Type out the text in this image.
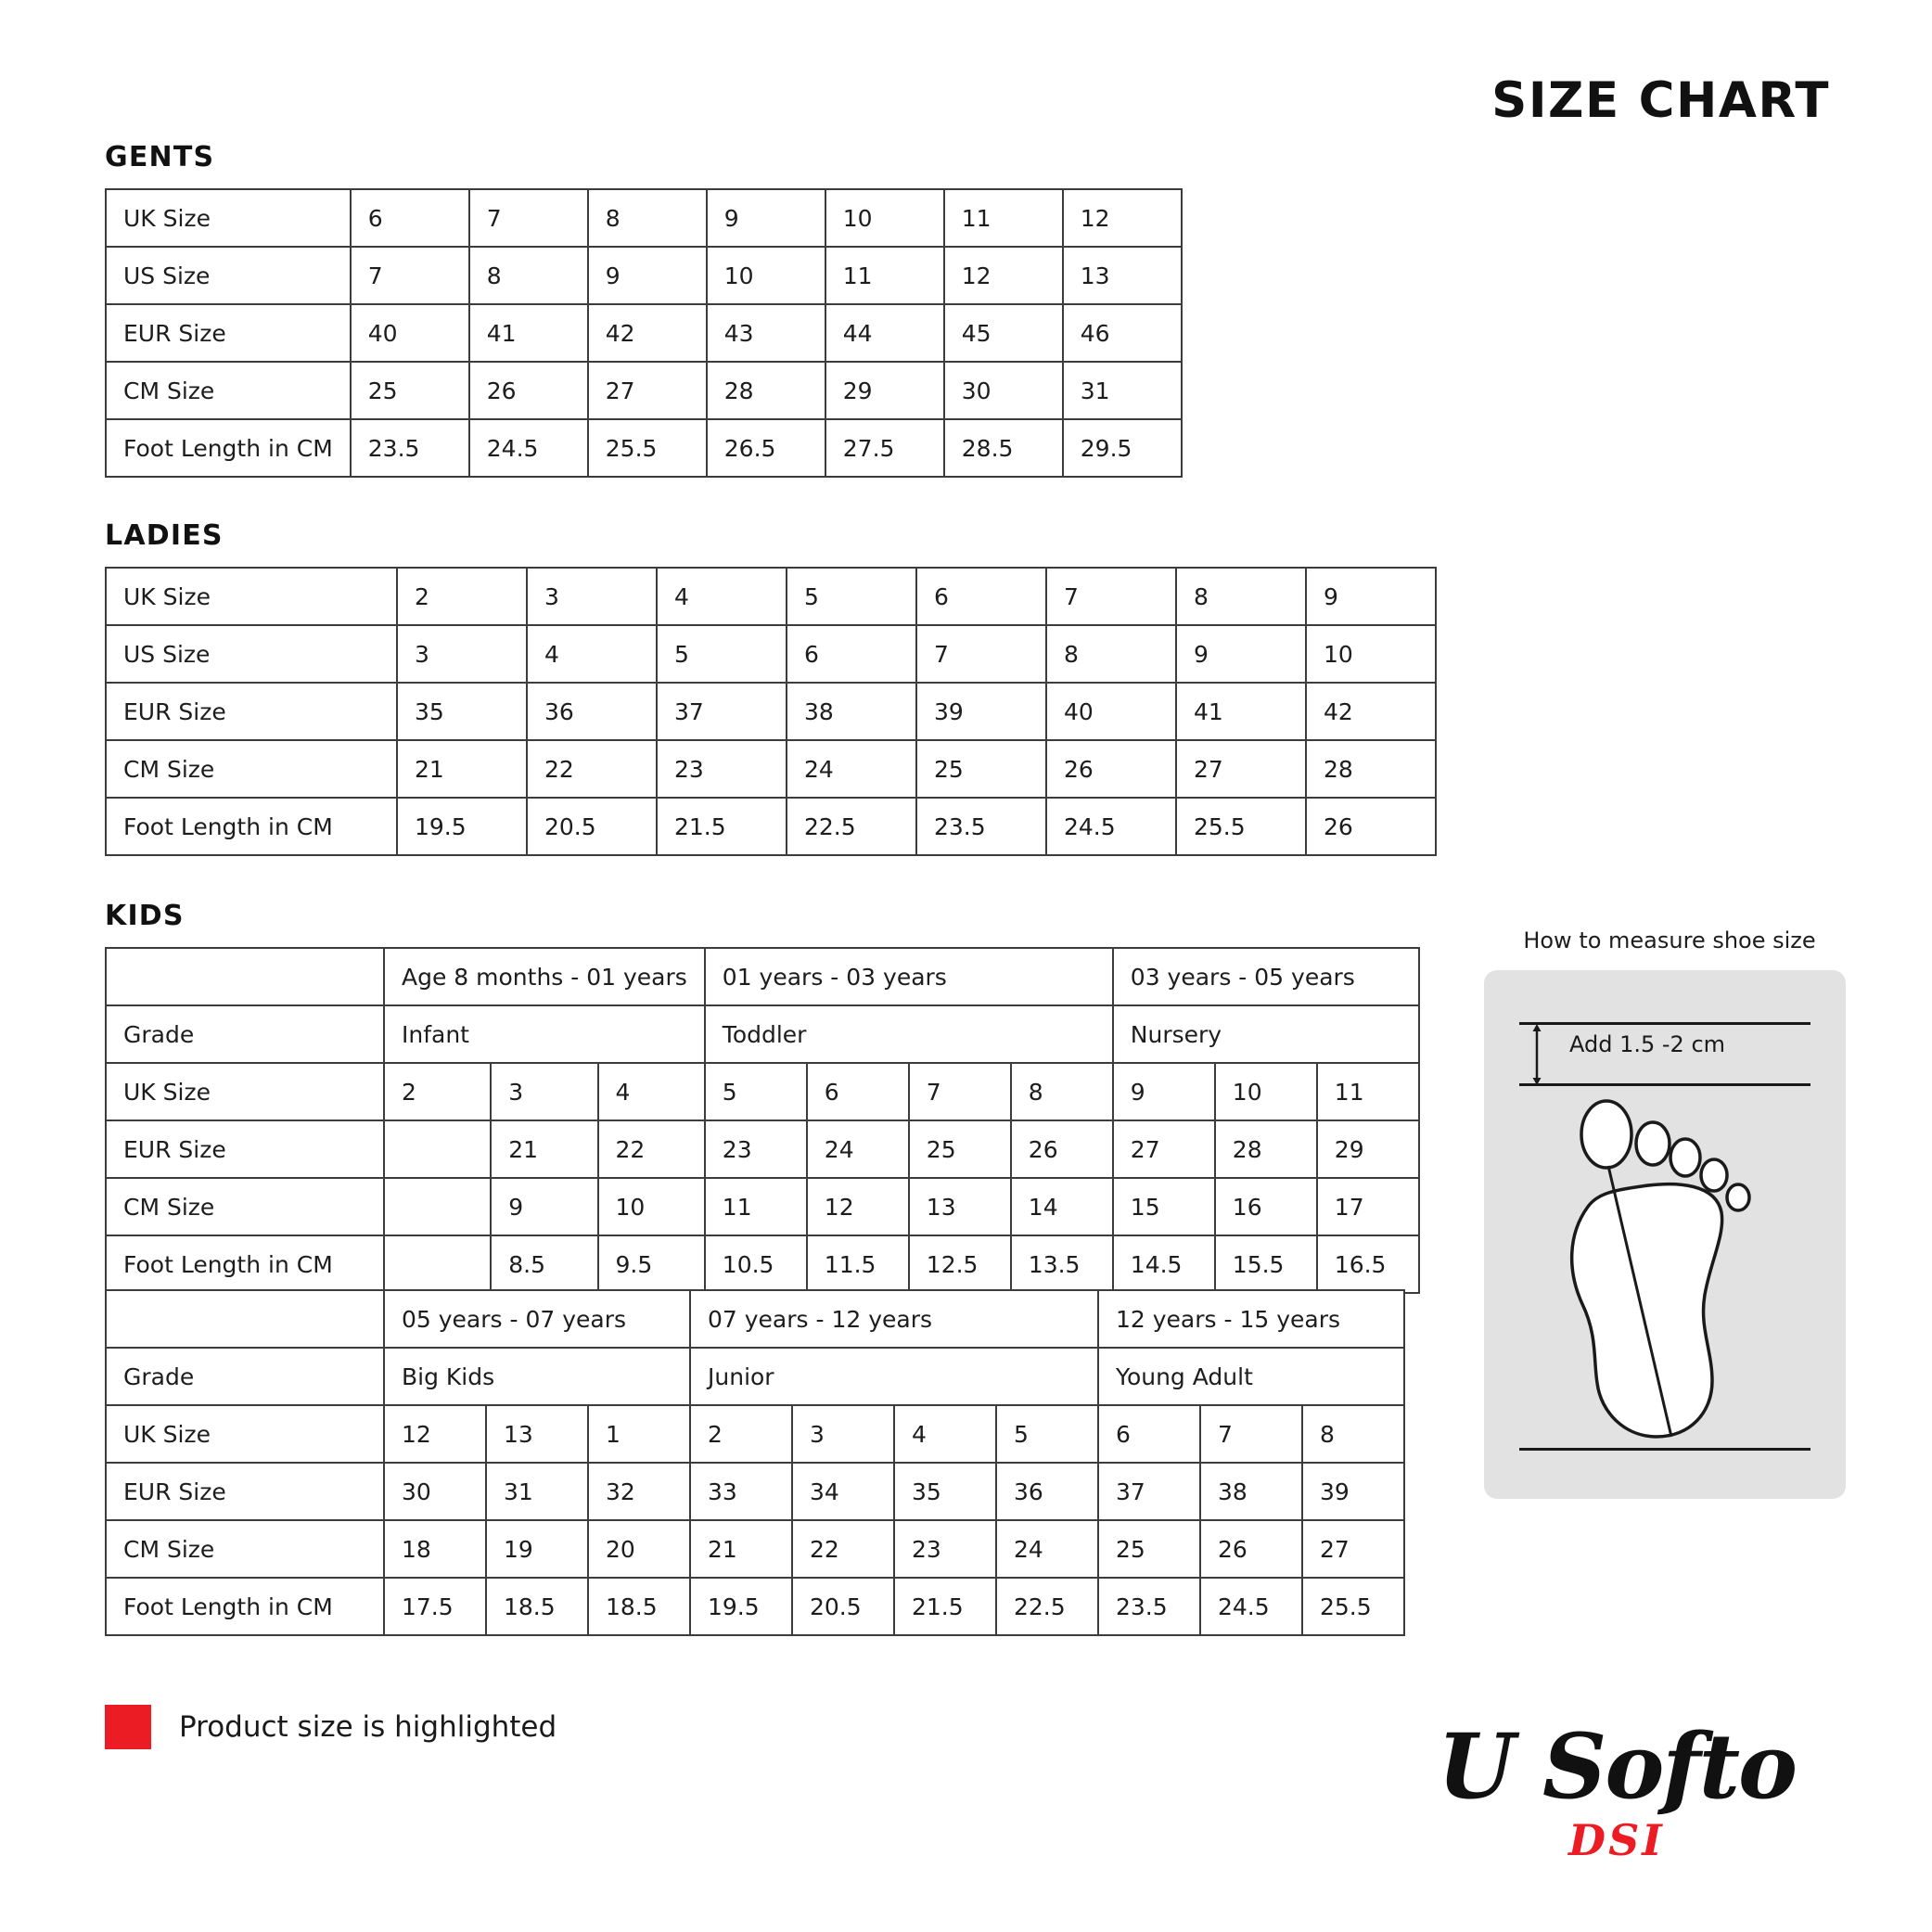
SIZE CHART
GENTS
UK Size	6	7	8	9	10	11	12
US Size	7	8	9	10	11	12	13
EUR Size	40	41	42	43	44	45	46
CM Size	25	26	27	28	29	30	31
Foot Length in CM	23.5	24.5	25.5	26.5	27.5	28.5	29.5
LADIES
UK Size	2	3	4	5	6	7	8	9
US Size	3	4	5	6	7	8	9	10
EUR Size	35	36	37	38	39	40	41	42
CM Size	21	22	23	24	25	26	27	28
Foot Length in CM	19.5	20.5	21.5	22.5	23.5	24.5	25.5	26
KIDS
	Age 8 months - 01 years			01 years - 03 years				03 years - 05 years		
Grade	Infant			Toddler				Nursery		
UK Size	2	3	4	5	6	7	8	9	10	11
EUR Size		21	22	23	24	25	26	27	28	29
CM Size		9	10	11	12	13	14	15	16	17
Foot Length in CM		8.5	9.5	10.5	11.5	12.5	13.5	14.5	15.5	16.5
	05 years - 07 years			07 years - 12 years				12 years - 15 years		
Grade	Big Kids			Junior				Young Adult		
UK Size	12	13	1	2	3	4	5	6	7	8
EUR Size	30	31	32	33	34	35	36	37	38	39
CM Size	18	19	20	21	22	23	24	25	26	27
Foot Length in CM	17.5	18.5	18.5	19.5	20.5	21.5	22.5	23.5	24.5	25.5
How to measure shoe size
Add 1.5 -2 cm
Product size is highlighted	U Softo
DSI
